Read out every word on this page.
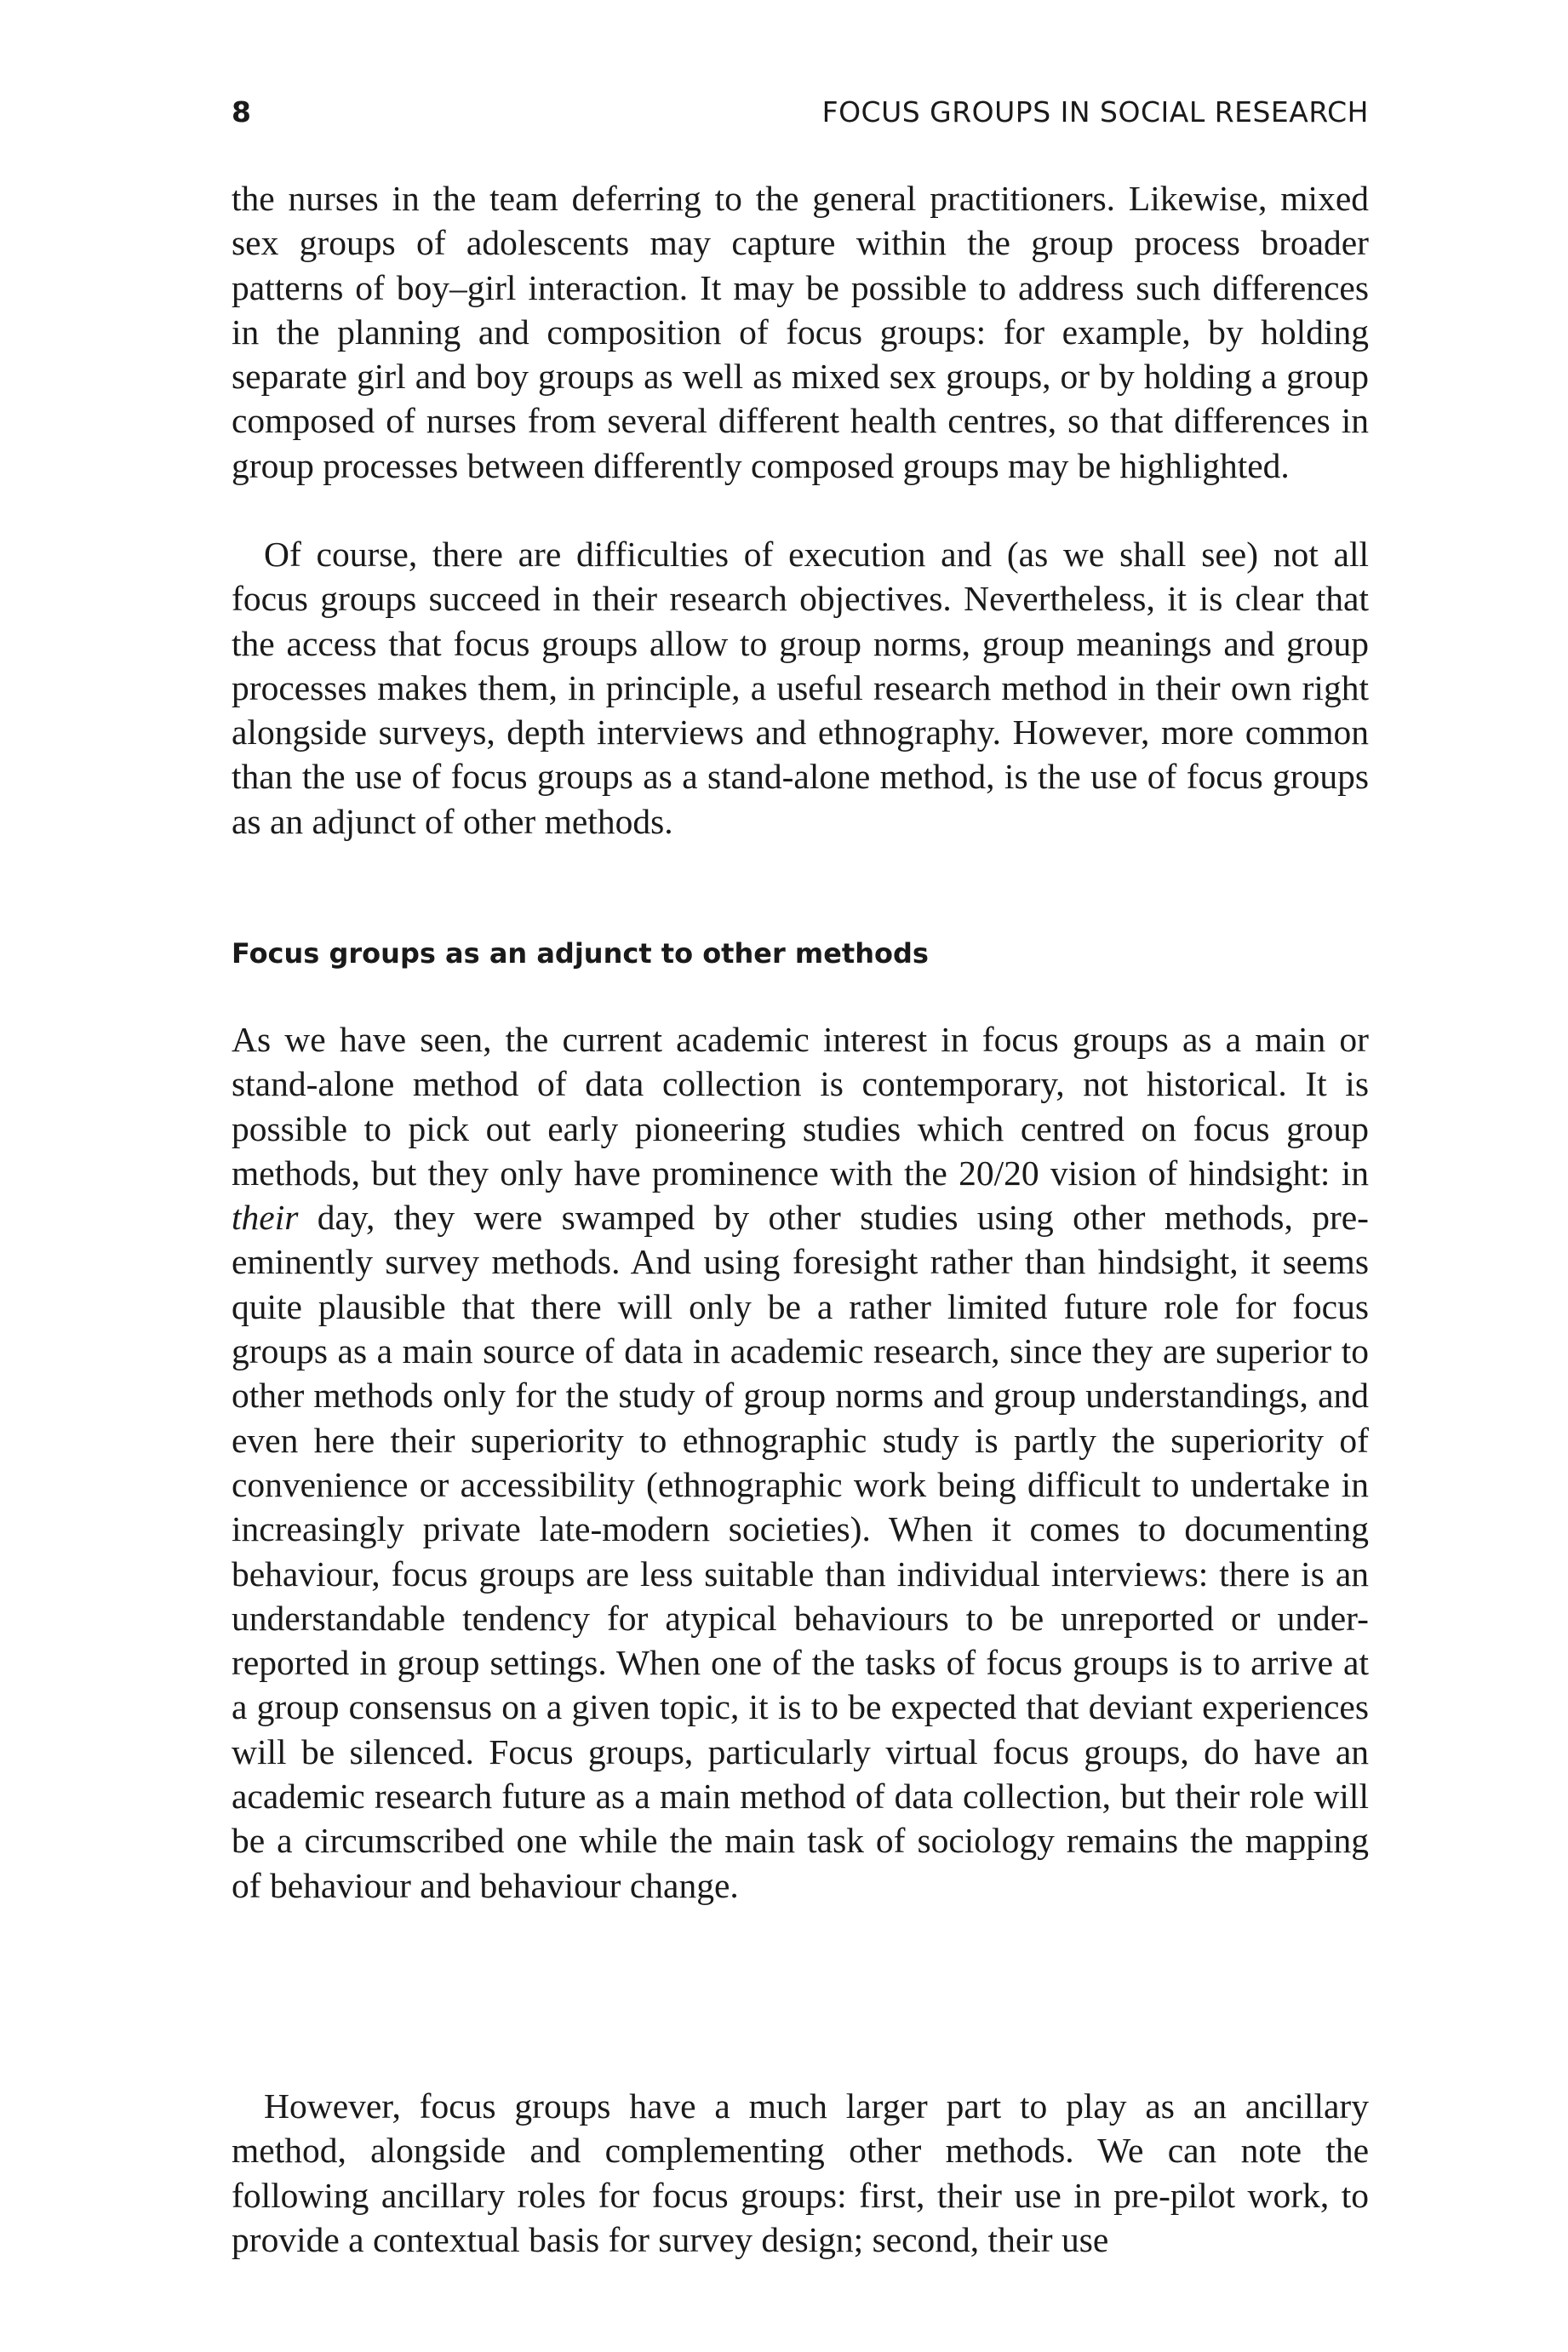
8	FOCUS GROUPS IN SOCIAL RESEARCH

the nurses in the team deferring to the general practitioners. Likewise, mixed sex groups of adolescents may capture within the group process broader patterns of boy–girl interaction. It may be possible to address such differences in the planning and composition of focus groups: for example, by holding separate girl and boy groups as well as mixed sex groups, or by holding a group composed of nurses from several different health centres, so that differences in group processes between differently composed groups may be highlighted.

Of course, there are difficulties of execution and (as we shall see) not all focus groups succeed in their research objectives. Nevertheless, it is clear that the access that focus groups allow to group norms, group meanings and group processes makes them, in principle, a useful research method in their own right alongside surveys, depth interviews and ethnography. However, more common than the use of focus groups as a stand-alone method, is the use of focus groups as an adjunct of other methods.

Focus groups as an adjunct to other methods

As we have seen, the current academic interest in focus groups as a main or stand-alone method of data collection is contemporary, not historical. It is possible to pick out early pioneering studies which centred on focus group methods, but they only have prominence with the 20/20 vision of hindsight: in their day, they were swamped by other studies using other methods, pre-eminently survey methods. And using foresight rather than hindsight, it seems quite plausible that there will only be a rather limited future role for focus groups as a main source of data in academic research, since they are superior to other methods only for the study of group norms and group understandings, and even here their superiority to ethnographic study is partly the superiority of convenience or accessibility (ethnographic work being difficult to undertake in increasingly private late-modern societies). When it comes to documenting behaviour, focus groups are less suitable than individual interviews: there is an understandable tendency for atypical behaviours to be unreported or under-reported in group settings. When one of the tasks of focus groups is to arrive at a group consensus on a given topic, it is to be expected that deviant experiences will be silenced. Focus groups, particularly virtual focus groups, do have an academic research future as a main method of data collection, but their role will be a circumscribed one while the main task of sociology remains the mapping of behaviour and behaviour change.

However, focus groups have a much larger part to play as an ancillary method, alongside and complementing other methods. We can note the following ancillary roles for focus groups: first, their use in pre-pilot work, to provide a contextual basis for survey design; second, their use
